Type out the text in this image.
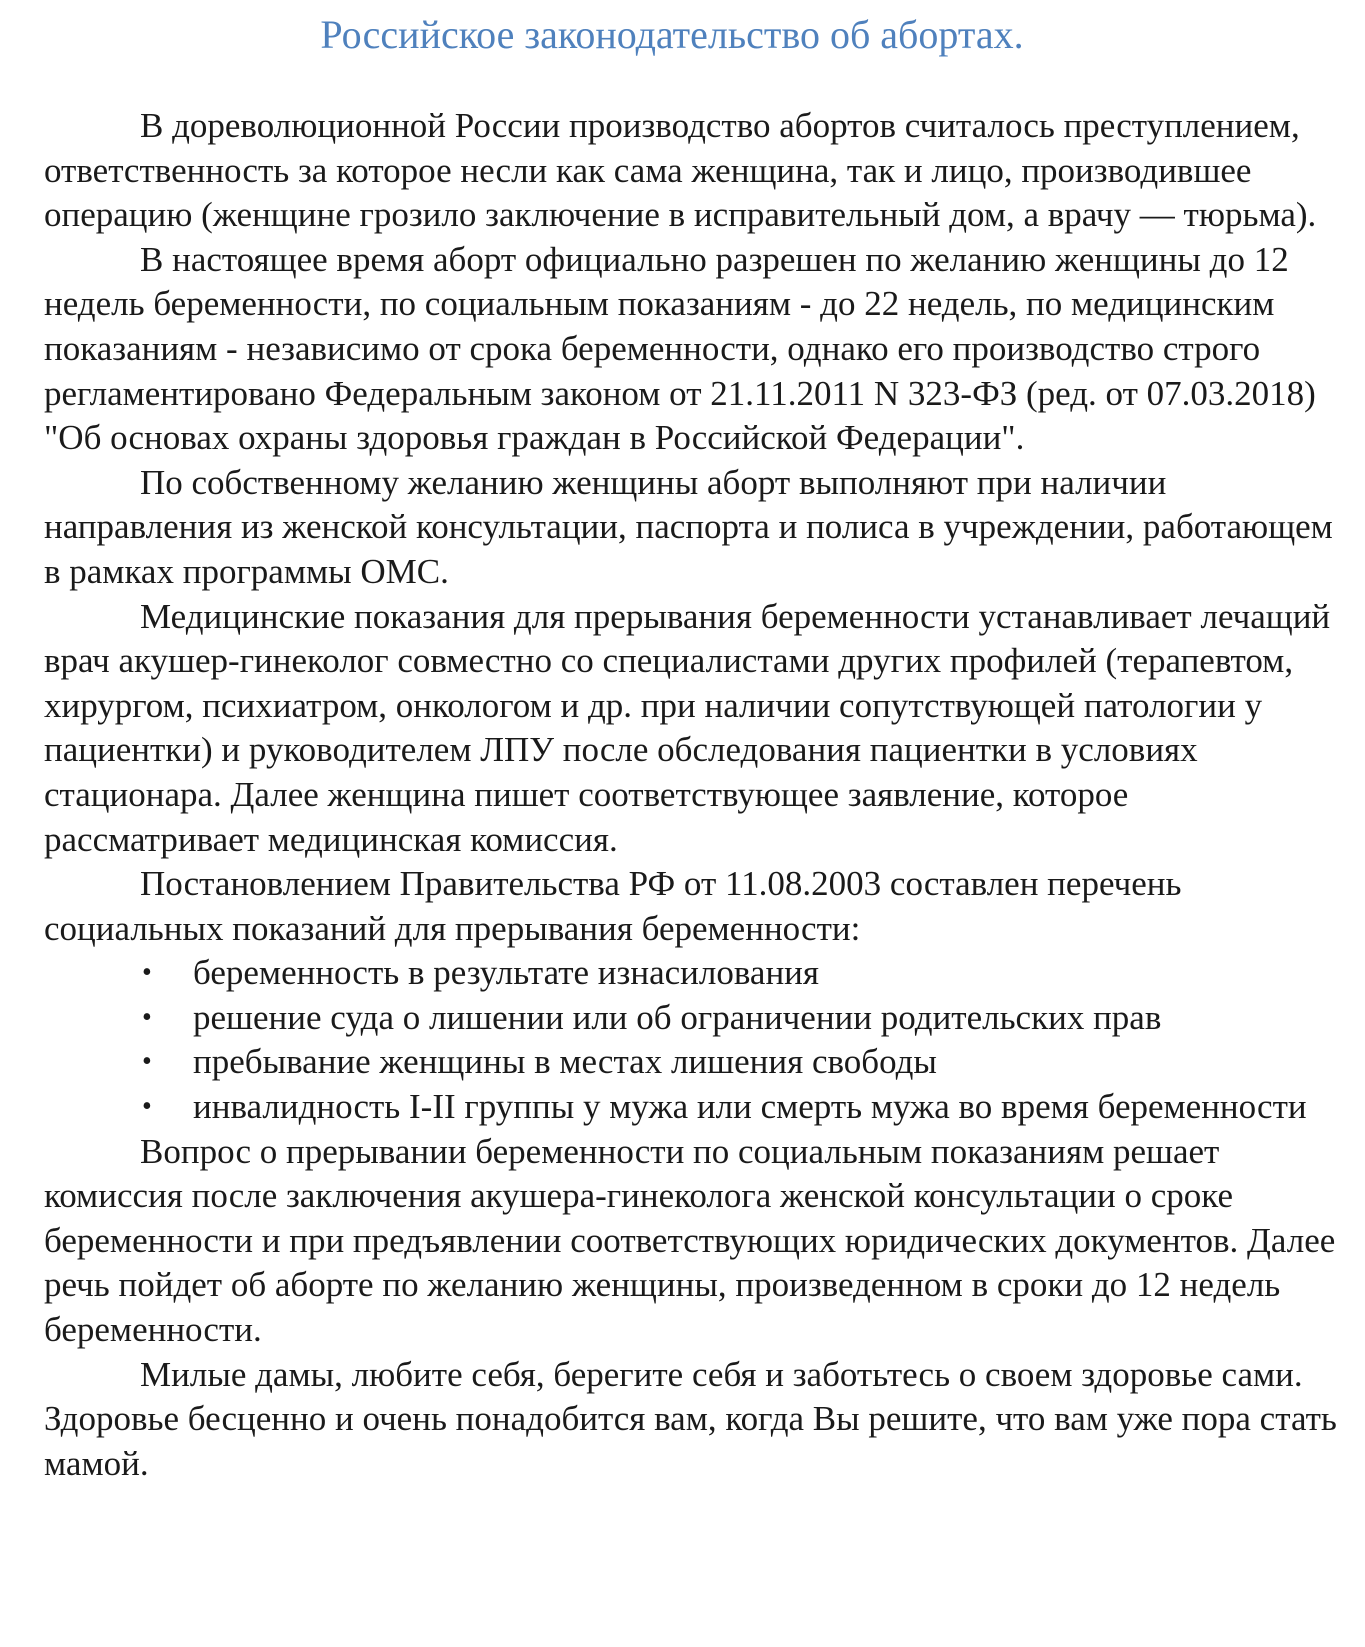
Российское законодательство об абортах.

В дореволюционной России производство абортов считалось преступлением, ответственность за которое несли как сама женщина, так и лицо, производившее операцию (женщине грозило заключение в исправительный дом, а врачу — тюрьма).

В настоящее время аборт официально разрешен по желанию женщины до 12 недель беременности, по социальным показаниям - до 22 недель, по медицинским показаниям - независимо от срока беременности, однако его производство строго регламентировано Федеральным законом от 21.11.2011 N 323-ФЗ (ред. от 07.03.2018) "Об основах охраны здоровья граждан в Российской Федерации".

По собственному желанию женщины аборт выполняют при наличии направления из женской консультации, паспорта и полиса в учреждении, работающем в рамках программы ОМС.

Медицинские показания для прерывания беременности устанавливает лечащий врач акушер-гинеколог совместно со специалистами других профилей (терапевтом, хирургом, психиатром, онкологом и др. при наличии сопутствующей патологии у пациентки) и руководителем ЛПУ после обследования пациентки в условиях стационара. Далее женщина пишет соответствующее заявление, которое рассматривает медицинская комиссия.

Постановлением Правительства РФ от 11.08.2003 составлен перечень социальных показаний для прерывания беременности:

• беременность в результате изнасилования
• решение суда о лишении или об ограничении родительских прав
• пребывание женщины в местах лишения свободы
• инвалидность I-II группы у мужа или смерть мужа во время беременности

Вопрос о прерывании беременности по социальным показаниям решает комиссия после заключения акушера-гинеколога женской консультации о сроке беременности и при предъявлении соответствующих юридических документов. Далее речь пойдет об аборте по желанию женщины, произведенном в сроки до 12 недель беременности.

Милые дамы, любите себя, берегите себя и заботьтесь о своем здоровье сами. Здоровье бесценно и очень понадобится вам, когда Вы решите, что вам уже пора стать мамой.
